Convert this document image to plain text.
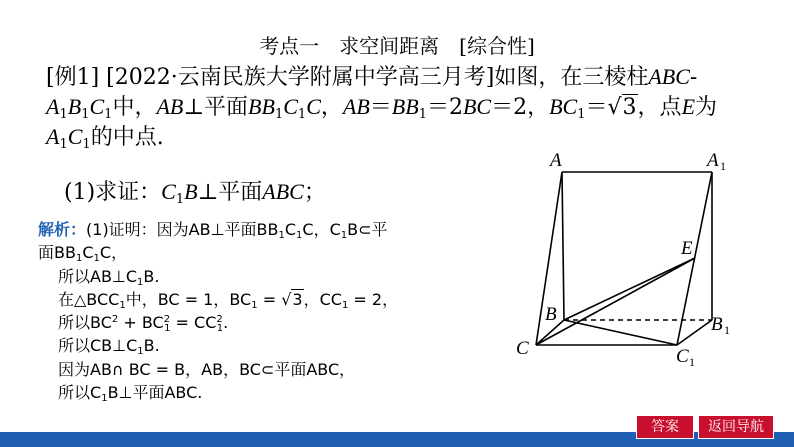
考点一　求空间距离　[综合性]
[例1] [2022·云南民族大学附属中学高三月考]如图，在三棱柱ABC-
$A_1B_1C_1$中，AB⊥平面$BB_1C_1C$，$AB=BB_1=2BC=2$，$BC_1=√3$，点E为
$A_1C_1$的中点.
(1)求证：$C_1B\perp$平面ABC；
解析：(1)证明：因为AB⊥平面$BB_1C_1C$，$C_1B\subset$平
面$BB_1C_1C$，
所以$AB\perp C_1B$.
在$\triangle BCC_1$中，BC = 1，$BC_1 = √3$，$CC_1 = 2$，
所以$BC^2 + BC^2_1 = CC^2_1$.
所以$CB\perp C_1B$.
因为AB∩ BC = B，AB，BC⊂平面ABC，
所以$C_1B\perp$平面ABC.
A	A 1
E
B	B 1
C	C 1
答案	返回导航
